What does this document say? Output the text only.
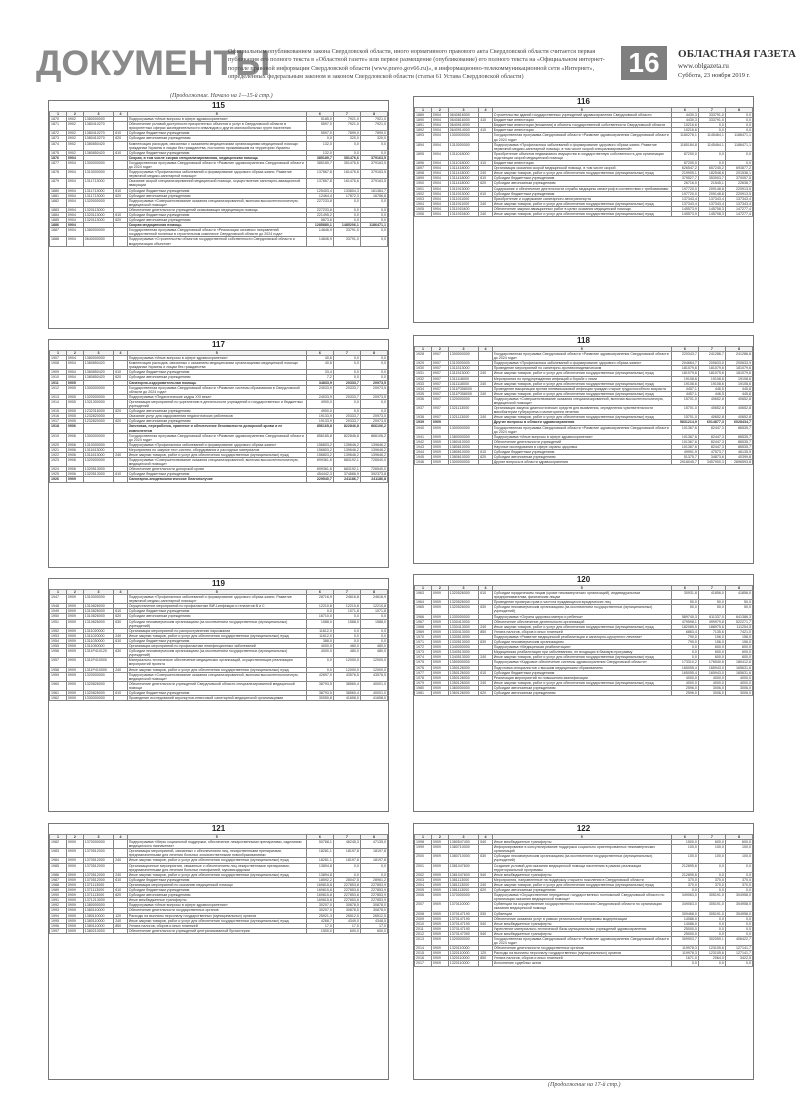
ДОКУМЕНТЫ
Официальным опубликованием закона Свердловской области, иного нормативного правового акта Свердловской области считается первая публикация его полного текста в «Областной газете» или первое размещение (опубликование) его полного текста на «Официальном интернет-портале правовой информации Свердловской области (www.pravo.gov66.ru)», в информационно-телекоммуникационной сети «Интернет», определенных федеральным законом и законом Свердловской области (статья 61 Устава Свердловской области)	16	ОБЛАСТНАЯ ГАЗЕТА
www.oblgazeta.ru
Суббота, 23 ноября 2019 г.
(Продолжение. Начало на 1—15-й стр.)
115
1	2	3	4	5	6	7	8
1870	0902	1380000000		Подпрограмма «Иные вопросы в сфере здравоохранения»	5185,0	7921,0	7921,0
1871	0902	1380410270		Обеспечение условий доступности приоритетных объектов и услуг в Свердловской области в приоритетных сферах жизнедеятельности инвалидов и других маломобильных групп населения	5597,0	7921,0	7921,0
1872	0902	1380410270	610	Субсидии бюджетным учреждениям	5597,0	7899,0	7899,0
1873	0902	1380410270	620	Субсидии автономным учреждениям	0,0	320,0	320,0
1874	0902	1380850420		Компенсация расходов, связанных с оказанием медицинскими организациями медицинской помощи гражданам Украины и лицам без гражданства, постоянно проживавшим на территории Украины	132,0	0,0	0,0
1875	0902	1380850420	610	Субсидии бюджетным учреждениям	132,0	0,0	0,0
1876	0904			Скорая, в том числе скорая специализированная, медицинская помощь	385189,7	351476,6	379163,5
1877	0904	1300000000		Государственная программа Свердловской области «Развитие здравоохранения Свердловской области до 2024 года»	385189,7	351476,6	379163,5
1878	0904	1310000000		Подпрограмма «Профилактика заболеваний и формирование здорового образа жизни. Развитие первичной медико-санитарной помощи»	137867,8	161476,6	379163,5
1879	0904	1311713000		Оказание скорой специализированной медицинской помощи, осуществление санитарно-авиационной эвакуации	137867,8	161476,6	379163,5
1880	0904	1311713000	610	Субсидии бюджетным учреждениям	125403,4	133804,3	161384,7
1881	0904	1311713000	620	Субсидии автономным учреждениям	12464,4	17872,3	16786,8
1882	0904	1320000000		Подпрограмма «Совершенствование оказания специализированной, включая высокотехнологичную, медицинской помощи»	227233,8	0,0	0,0
1883	0904	1320113000		Обеспечение деятельности учреждений оказывающих медицинскую помощь	227233,8	0,0	0,0
1884	0904	1320113000	610	Субсидии бюджетным учреждениям	221495,2	0,0	0,0
1885	0904	1320113000	620	Субсидии автономным учреждениям	5873,6	0,0	0,0
1886	0904			Скорая медицинская помощь	1285880,1	1485206,1	1186471,1
1887	0904	1380000000		Государственная программа Свердловской области «Реализация основных направлений государственной политики в строительном комплексе Свердловской области до 2024 года»	14846,9	33791,0	0,0
1888	0904	0640000000		Подпрограмма «Строительство объектов государственной собственности Свердловской области и модернизация объектов»	14846,9	33791,0	0,0
116
1	2	3	4	5	6	7	8
1889	0904	0640816000		Строительство зданий государственных учреждений здравоохранения Свердловской области	4430,3	333791,0	0,0
1890	0904	0640816000	410	Бюджетные инвестиции	4430,3	333791,0	0,0
1891	0904	0640914000		Бюджетные инвестиции (вложения) в объекты государственной собственности Свердловской области	10216,6	0,0	0,0
1892	0904	0640914000	410	Бюджетные инвестиции	10216,6	0,0	0,0
1893	0904	1300000000		Государственная программа Свердловской области «Развитие здравоохранения Свердловской области до 2024 года»	1180278,1	1145464,1	1186471,1
1894	0904	1310000000		Подпрограмма «Профилактика заболеваний и формирование здорового образа жизни. Развитие первичной медико-санитарной помощи, в том числе скорой специализированной»	1180184,8	1145464,1	1186471,1
1895	0904	1311018000		Приобретение объектов недвижимого имущества в государственную собственность для организации подстанции скорой медицинской помощи	87200,0	0,0	0,0
1896	0904	1311018000	410	Бюджетные инвестиции	87200,0	0,0	0,0
1897	0904	1311418000		Организация оказания скорой медицинской помощи, в том числе скорой	626547,2	657245,2	693877,2
1898	0904	1311418000	240	Иные закупки товаров, работ и услуг для обеспечения государственных (муниципальных) нужд	219905,1	182548,6	201538,1
1899	0904	1311418000	610	Субсидии бюджетным учреждениям	379527,7	353003,7	370057,5
1900	0904	1311418000	620	Субсидии автономным учреждениям	26716,0	21545,1	22636,7
1901	0904	1311913000		Содержание и обеспечение деятельности службы медицины катастроф в соответствии с требованиями	197720,0	209148,8	220913,5
1902	0904	1311913000	610	Субсидии бюджетным учреждениям	197720,0	209148,8	220913,5
1903	0904	1311911000		Приобретение и содержание санитарного автотранспорта	137343,4	137343,4	137343,4
1904	0904	1311911000	240	Иные закупки товаров, работ и услуг для обеспечения государственных (муниципальных) нужд	137343,4	137343,4	137343,4
1905	0904	1311915400		Обеспечение закупки авиационных работ в целях оказания медицинской помощи	145573,9	145708,3	147277,4
1906	0904	1311915400	240	Иные закупки товаров, работ и услуг для обеспечения государственных (муниципальных) нужд	145573,9	145708,3	147277,4
117
1	2	3	4	5	6	7	8
1907	0904	1380000000		Подпрограмма «Иные вопросы в сфере здравоохранения»	40,6	0,0	0,0
1908	0904	1380850420		Компенсация расходов, связанных с оказанием медицинскими организациями медицинской помощи гражданам Украины и лицам без гражданства	40,6	0,0	0,0
1909	0904	1380850420	610	Субсидии бюджетным учреждениям	33,4	0,0	0,0
1910	0904	1380850420	620	Субсидии автономным учреждениям	7,2	0,0	0,0
1911	0905			Санаторно-оздоровительная помощь	34833,9	20333,7	20973,5
1912	0905	1300000000		Государственная программа Свердловской области «Развитие системы образования в Свердловской области до 2024 года»	24033,9	20333,7	20973,5
1913	0905	1320000000		Подпрограмма «Педагогические кадры XXI века»	24033,9	20333,7	20973,5
1914	0905	1321300000		Организация мероприятий по укреплению в деятельности учреждений и государственных и бюджетных учреждений	4900,0	0,0	0,0
1915	0905	1232316000	620	Субсидии автономным учреждениям	4900,0	0,0	0,0
1916	0905	1232820000		Оказание услуг для оздоровления педагогических работников	19133,9	20333,7	20973,5
1917	0905	1232820000	620	Субсидии автономным учреждениям	19133,9	20333,7	20973,5
1918	0906			Заготовка, переработка, хранение и обеспечение безопасности донорской крови и ее компонентов	856165,8	822846,8	866106,2
1919	0906	1300000000		Государственная программа Свердловской области «Развитие здравоохранения Свердловской области до 2024 года»	856165,8	822846,8	866106,2
1920	0906	1310000000		Подпрограмма «Профилактика заболеваний и формирование здорового образа жизни»	156803,2	139646,2	139646,2
1921	0906	1311613000		Мероприятия по закупке тест-систем, оборудования и расходных материалов	156803,2	139646,2	139646,2
1922	0906	1311613000	240	Иные закупки товаров, работ и услуг для обеспечения государственных (муниципальных) нужд	156803,2	139646,2	139646,2
1923	0906	1320000000		Подпрограмма «Совершенствование оказания специализированной, включая высокотехнологичную, медицинской помощи»	699361,6	683192,1	726540,0
1924	0906	1320513000		Обеспечение деятельности донорской крови	699361,6	683192,1	726540,0
1925	0906	1320513000	610	Субсидии бюджетным учреждениям	454442,3	374686,9	392373,8
1926	0909			Санитарно-эпидемиологическое благополучие	229540,7	241186,7	241186,8
118
1	2	3	4	5	6	7	8
1928	0907	1300000000		Государственная программа Свердловской области «Развитие здравоохранения Свердловской области до 2024 года»	220343,7	241286,7	241286,8
1929	0907	1310000000		Подпрограмма «Профилактика заболеваний и формирование здорового образа жизни»	204664,7	200633,0	200633,9
1930	0907	1311513000		Проведение мероприятий по санитарно-противоэпидемическим	181079,6	181079,6	181079,6
1931	0907	1311513000	240	Иные закупки товаров, работ и услуг для обеспечения государственных (муниципальных) нужд	181079,6	181079,6	181079,6
1932	0907	1311118000		Мероприятия по предупреждению инфекций и борьбе с ними	19108,6	19108,6	19108,6
1933	0907	1311118000	240	Иные закупки товаров, работ и услуг для обеспечения государственных (муниципальных) нужд	19108,6	19108,6	19108,6
1934	0907	1311P358000		Проведение вакцинации против пневмококковой инфекции граждан старше трудоспособного возраста	4457,1	446,5	445,8
1935	0907	1311P358000	240	Иные закупки товаров, работ и услуг для обеспечения государственных (муниципальных) нужд	4457,1	446,5	445,8
1936	0907	1320000000		Подпрограмма «Совершенствование оказания специализированной, включая высокотехнологичную, медицинской помощи»	15701,0	40652,8	40652,8
1937	0907	1321113000		Организация закупок диагностических средств для выявления, определения чувствительности микобактерии туберкулеза и мониторинга лечения	15701,0	40652,8	40652,8
1938	0907	1321113000	240	Иные закупки товаров, работ и услуг для обеспечения государственных (муниципальных) нужд	15701,0	40652,8	40652,8
1939	0909			Другие вопросы в области здравоохранения	5831214,9	6014877,3	6028434,7
1940	0909	1300000000		Государственная программа Свердловской области «Развитие здравоохранения Свердловской области до 2024 года»	101367,6	82447,3	86535,7
1941	0909	1380000000		Подпрограмма «Иные вопросы в сфере здравоохранения»	101367,6	82447,3	86535,7
1942	0909	1380410000		Обеспечение деятельности учреждений	101367,6	82447,3	86535,7
1943	0909	1380610000		Научные исследования в сфере охраны здоровья	101367,6	82447,3	86535,7
1944	0909	1380610000	610	Субсидии бюджетным учреждениям	49991,9	47573,7	46135,9
1945	0909	1380610000	620	Субсидии автономным учреждениям	51375,7	34873,6	40399,8
1946	0909	1300000000		Другие вопросы в области здравоохранения	2918045,7	3457900,3	2896593,8
119
1	2	3	4	5	6	7	8
1947	0909	1310000000		Подпрограмма «Профилактика заболеваний и формирование здорового образа жизни. Развитие первичной медико-санитарной помощи»	28716,9	24616,8	24616,9
1948	0909	1310826000		Осуществление мероприятий по профилактике ВИЧ-инфекции и гепатитов В и С	12210,8	12210,8	12210,8
1949	0909	1310826000	610	Субсидии бюджетным учреждениям	0,0	1071,8	1071,8
1950	0909	1310826000	620	Субсидии автономным учреждениям	16710,0	0,0	0,0
1951	0909	1310826000	630	Субсидии некоммерческим организациям (за исключением государственных (муниципальных) учреждений)	1588,0	1588,0	1588,0
1952	0909	1311020000		Организация мероприятий по распространению наркомании	11612,0	0,0	0,0
1953	0909	1311020000	240	Иные закупки товаров, работ и услуг для обеспечения государственных (муниципальных) нужд	11612,0	0,0	0,0
1954	0909	1311030000	610	Субсидии бюджетным учреждениям	388,0	0,0	0,0
1955	0909	1311050000		Организация мероприятий по профилактике неинфекционных заболеваний	4000,0	480,0	480,0
1956	0909	1311P410120	630	Субсидии некоммерческим организациям (за исключением государственных (муниципальных) учреждений)	4000,0	480,0	480,0
1957	0909	1311P410000		Материально-техническое обеспечение медицинских организаций, осуществляющих реализацию мероприятий проекта	0,0	12000,0	12000,0
1958	0909	1311P410000	240	Иные закупки товаров, работ и услуг для обеспечения государственных (муниципальных) нужд	0,0	12000,0	12000,0
1959	0909	1320000000		Подпрограмма «Совершенствование оказания специализированной, включая высокотехнологичную, медицинской помощи»	42897,0	43576,5	43576,5
1960	0909	1320826000		Обеспечение деятельности учреждений Свердловской области специализированной медицинской помощи	38793,5	38560,4	40001,0
1961	0909	1320826000	610	Субсидии бюджетным учреждениям	38793,5	38560,4	40001,0
1962	0909	1330000000		Проведение исследований аэропортов-невесомой санитарной медицинской организациями	30050,8	41658,0	41658,0
120
1	2	3	4	5	6	7	8
1963	0909	1320526000	610	Субсидии юридическим лицам (кроме некоммерческих организаций), индивидуальным предпринимателям, физическим лицам	30931,8	41856,0	41856,0
1964	0909	1320526000		Проведение проверки прав и чистота нуждающихся юридических лиц	50,0	50,0	50,0
1965	0909	1320526000	630	Субсидии некоммерческим организациям (за исключением государственных (муниципальных) учреждений)	50,0	50,0	50,0
1966	0909	1330000000		Подпрограмма «Охрана здоровья матери и ребенка»	589740,3	611337,0	641386,3
1967	0909	1330413000		Обеспечение обеспечение деятельности организаций	479598,1	499979,8	522271,7
1968	0909	1330413000	240	Иные закупки товаров, работ и услуг для обеспечения государственных (муниципальных) нужд	182085,5	188975,6	111254,5
1969	0909	1330413000	850	Уплата налогов, сборов и иных платежей	6863,4	7135,6	7421,0
1970	0909	1330513000		Подпрограмма «Развитие медицинской реабилитации и санаторно-курортного лечения»	790,0	156,0	156,0
1971	0909	1330513000	630	Субсидии некоммерческим организациям	790,0	156,0	156,0
1972	0909	1340000000		Подпрограмма «Медицинская реабилитация»	0,0	600,0	600,0
1973	0909	1340513000		Медицинская реабилитация при заболеваниях, не входящих в базовую программу	0,0	600,0	600,0
1974	0909	1340513000	240	Иные закупки товаров, работ и услуг для обеспечения государственных (муниципальных) нужд	0,0	600,0	600,0
1975	0909	1350000000		Подпрограмма «Кадровое обеспечение системы здравоохранения Свердловской области»	173310,2	176540,6	180412,6
1976	0909	1350126000		Подготовка специалистов с высшим медицинским образованием	165055,4	165943,0	165631,6
1977	0909	1350126000	610	Субсидии бюджетным учреждениям	165055,4	165943,0	165631,6
1978	0909	1350126000		Реализация мероприятий по повышению квалификации	4000,0	4000,0	4000,0
1979	0909	1350126000	240	Иные закупки товаров, работ и услуг для обеспечения государственных (муниципальных) нужд	4000,0	4000,0	4000,0
1980	0909	1360000000		Субсидии автономным учреждениям	2596,0	3006,0	3006,0
1981	0909	1360126000	620	Субсидии автономным учреждениям	2596,0	3006,0	3006,0
121
1	2	3	4	5	6	7	8
1982	0909	1370000000		Подпрограмма «Меры социальной поддержки, обеспечение лекарственными препаратами, изделиями медицинского назначения»	50768,1	46245,3	47135,0
1983	0909	1370512000		Организация мероприятий, связанных с обеспечением лиц, лекарственными препаратами, предназначенными для лечения больных злокачественными новообразованиями	18281,1	18197,8	18197,8
1984	0909	1370512000	240	Иные закупки товаров, работ и услуг для обеспечения государственных (муниципальных) нужд	18281,1	18197,8	18197,8
1985	0909	1370512000		Организационные мероприятия, связанные с обеспечением лиц лекарственными препаратами, предназначенными для лечения больных гемофилией, муковисцидозом	13894,8	0,0	0,0
1986	0909	1370512000	240	Иные закупки товаров, работ и услуг для обеспечения государственных (муниципальных) нужд	13894,8	0,0	0,0
1987	0909	1370512000	610	Субсидии бюджетным учреждениям	18592,2	28047,5	28961,2
1988	0909	1371113000		Организация мероприятий по оказанию медицинской помощи	169815,8	227853,8	227853,9
1989	0909	1371113000	610	Субсидии бюджетным учреждениям	169815,8	227853,8	227853,9
1990	0909	1371113000	620	Субсидии автономным учреждениям	169815,8	227853,8	227853,9
1991	0909	1371213000		Иные межбюджетные трансферты	169815,8	227853,8	227853,9
1992	0909	1380000000		Подпрограмма «Иные вопросы в сфере здравоохранения»	30207,0	30878,5	30878,0
1993	0909	1380110000		Обеспечение деятельности государственных органов	30207,0	30878,5	30878,0
1994	0909	1380110000	120	Расходы на выплаты персоналу государственных (муниципальных) органов	25921,3	26512,5	26512,5
1995	0909	1380110000	240	Иные закупки товаров, работ и услуг для обеспечения государственных (муниципальных) нужд	4268,7	4349,0	4348,5
1996	0909	1380110000	850	Уплата налогов, сборов и иных платежей	17,0	17,0	17,0
1997	0909	1380210000		Обеспечение деятельности учреждений централизованной бухгалтерии	1500,0	600,0	600,0
122
1	2	3	4	5	6	7	8
1998	0909	1380547400	540	Иные межбюджетные трансферты	1500,0	600,0	600,0
1999	0909	1380710000		Информирование в консультирование поддержка социально ориентированных некоммерческих организаций	100,0	100,0	100,0
2000	0909	1380710000	630	Субсидии некоммерческим организациям (за исключением государственных (муниципальных) учреждений)	100,0	100,0	100,0
2001	0909	1381047600		Создание условий для оказания медицинской помощи населению в рамках реализации территориальной программы	212895,6	0,0	0,0
2002	0909	1381047600	540	Иные межбюджетные трансферты	212895,6	0,0	0,0
2003	0909	1381113000		Мероприятия, направленные на поддержку старшего поколения в Свердловской области	370,0	370,0	370,0
2004	0909	1381113000	240	Иные закупки товаров, работ и услуг для обеспечения государственных (муниципальных) нужд	370,0	370,0	370,0
2005	0909	1381113000	620	Субсидии автономным учреждениям	0,0	0,0	0,0
2006	0909	1370000000		Подпрограмма «Осуществление переданных государственных полномочий Свердловской области по организации оказания медицинской помощи»	349063,0	305191,0	304958,0
2007	0909	1370110000		Субвенции на осуществление государственного полномочия Свердловской области по организации оказания медицинской помощи	349063,0	305191,0	304958,0
2008	0909	1370147190	530	Субвенции	309468,0	305191,0	304958,0
2009	0909	1370147190		Обеспечение оказания услуг в рамках региональной программы модернизации	14086,0	0,0	0,0
2010	0909	1370147190	540	Иные межбюджетные трансферты	14086,0	0,0	0,0
2011	0909	1370147190		Укрепление материально-технической базы муниципальных учреждений здравоохранения	25000,0	0,0	0,0
2012	0909	1370147390	540	Иные межбюджетные трансферты	25000,0	0,0	0,0
2013	0909	1320000000		Государственная программа Свердловской области «Развитие здравоохранения Свердловской области до 2024 года»	309903,7	302059,1	406422,7
2014	0909	1320110000		Обеспечение деятельности государственных органов	119978,3	123105,6	127141,7
2015	0909	1320110000	120	Расходы на выплаты персоналу государственных (муниципальных) органов	119978,3	123105,6	127141,7
2016	0909	1320110000	850	Уплата налогов, сборов и иных платежей	1671,0	2064,0	3422,5
2017	0909	1320110000		Исполнение судебных актов	0,0	0,0	0,0
(Продолжение на 17-й стр.)
